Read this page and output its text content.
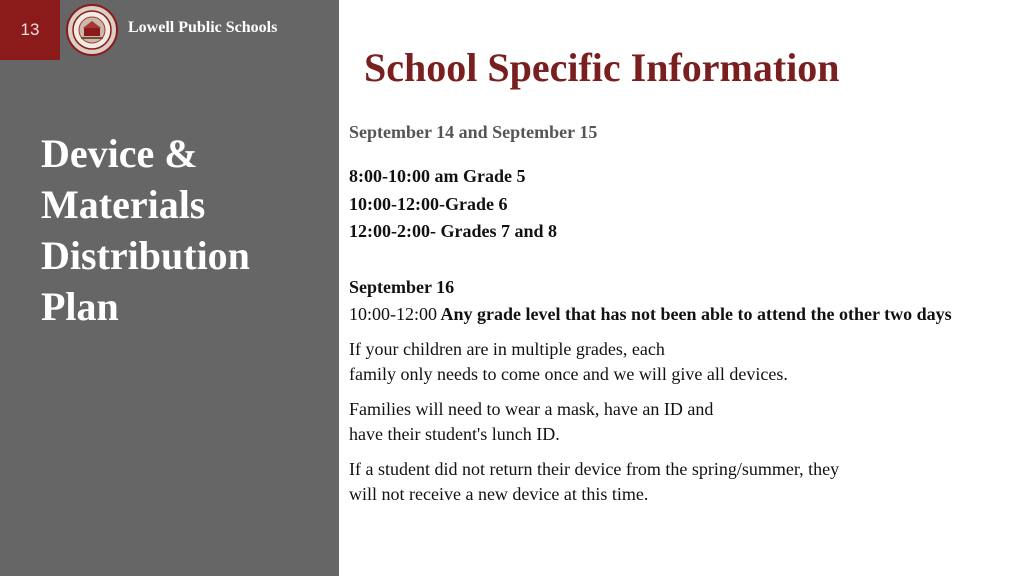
13	Lowell Public Schools
Device &
Materials
Distribution
Plan
School Specific Information

September 14 and September 15

8:00-10:00 am Grade 5
10:00-12:00-Grade 6
12:00-2:00- Grades 7 and 8
September 16
10:00-12:00 Any grade level that has not been able to attend the other two days
If your children are in multiple grades, each
family only needs to come once and we will give all devices.
Families will need to wear a mask, have an ID and
have their student's lunch ID.
If a student did not return their device from the spring/summer, they
will not receive a new device at this time.
